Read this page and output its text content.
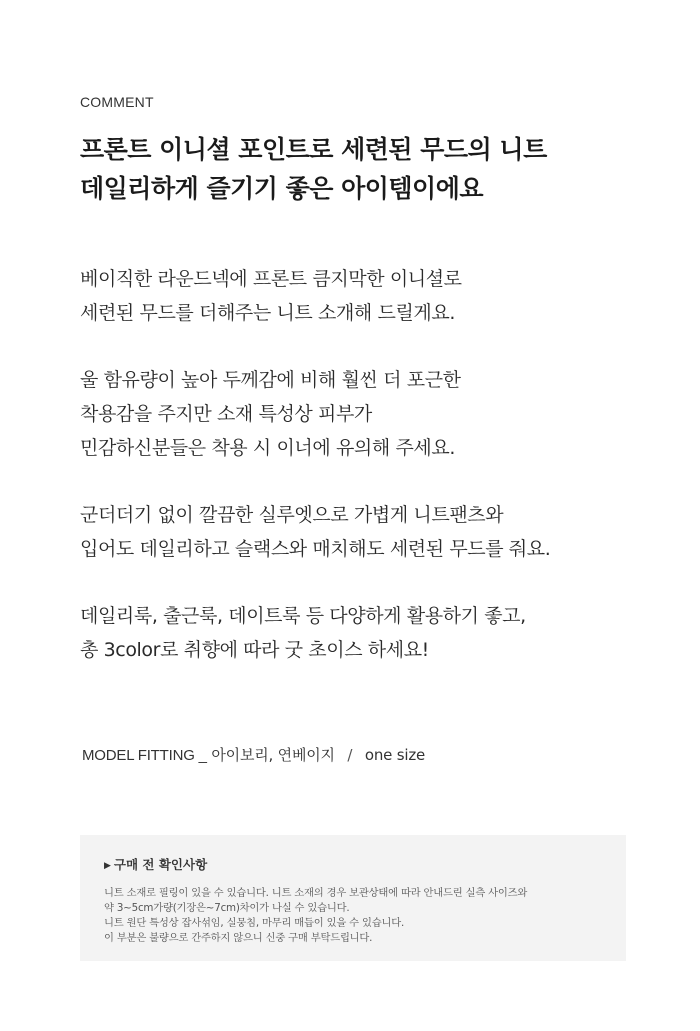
COMMENT
프론트 이니셜 포인트로 세련된 무드의 니트
데일리하게 즐기기 좋은 아이템이에요
베이직한 라운드넥에 프론트 큼지막한 이니셜로
세련된 무드를 더해주는 니트 소개해 드릴게요.
울 함유량이 높아 두께감에 비해 훨씬 더 포근한
착용감을 주지만 소재 특성상 피부가
민감하신분들은 착용 시 이너에 유의해 주세요.
군더더기 없이 깔끔한 실루엣으로 가볍게 니트팬츠와
입어도 데일리하고 슬랙스와 매치해도 세련된 무드를 줘요.
데일리룩, 출근룩, 데이트룩 등 다양하게 활용하기 좋고,
총 3color로 취향에 따라 굿 초이스 하세요!
MODEL FITTING _ 아이보리, 연베이지 / one size
▶ 구매 전 확인사항
니트 소재로 필링이 있을 수 있습니다. 니트 소재의 경우 보관상태에 따라 안내드린 실측 사이즈와
약 3~5cm가량(기장은~7cm)차이가 나실 수 있습니다.
니트 원단 특성상 잡사섞임, 실뭉침, 마무리 매듭이 있을 수 있습니다.
이 부분은 불량으로 간주하지 않으니 신중 구매 부탁드립니다.
